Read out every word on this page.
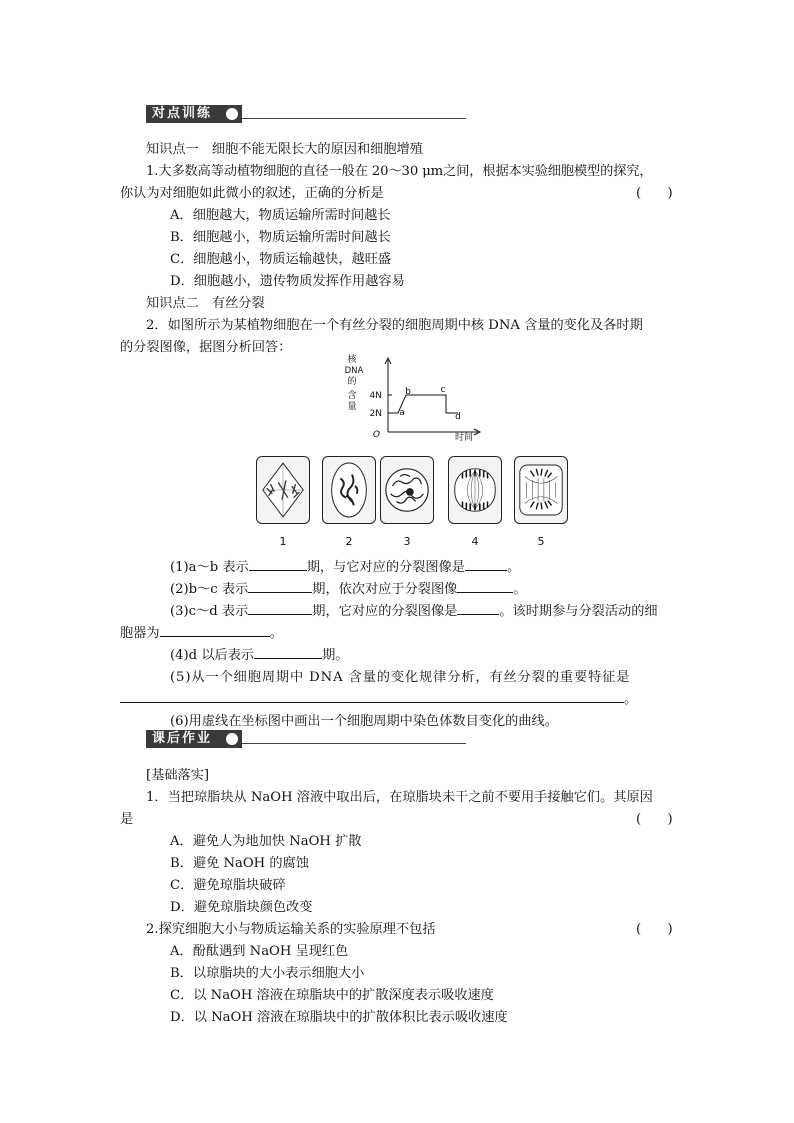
对点训练
知识点一　细胞不能无限长大的原因和细胞增殖
1.大多数高等动植物细胞的直径一般在 20～30 μm之间，根据本实验细胞模型的探究，
你认为对细胞如此微小的叙述，正确的分析是	(　　)
A．细胞越大，物质运输所需时间越长
B．细胞越小，物质运输所需时间越长
C．细胞越小，物质运输越快，越旺盛
D．细胞越小，遗传物质发挥作用越容易
知识点二　有丝分裂
2．如图所示为某植物细胞在一个有丝分裂的细胞周期中核 DNA 含量的变化及各时期
的分裂图像，据图分析回答：
核
DNA
的
含
量
4N
2N
O	时间
a
b	c
d
1	2	3	4	5
(1)a～b 表示	期，与它对应的分裂图像是	。
(2)b～c 表示	期，依次对应于分裂图像	。
(3)c～d 表示	期，它对应的分裂图像是	。该时期参与分裂活动的细
胞器为	。
(4)d 以后表示	期。
(5)从一个细胞周期中 DNA 含量的变化规律分析，有丝分裂的重要特征是
。
(6)用虚线在坐标图中画出一个细胞周期中染色体数目变化的曲线。
课后作业
[基础落实]
1．当把琼脂块从 NaOH 溶液中取出后，在琼脂块未干之前不要用手接触它们。其原因
是	(　　)
A．避免人为地加快 NaOH 扩散
B．避免 NaOH 的腐蚀
C．避免琼脂块破碎
D．避免琼脂块颜色改变
2.探究细胞大小与物质运输关系的实验原理不包括	(　　)
A．酚酞遇到 NaOH 呈现红色
B．以琼脂块的大小表示细胞大小
C．以 NaOH 溶液在琼脂块中的扩散深度表示吸收速度
D．以 NaOH 溶液在琼脂块中的扩散体积比表示吸收速度
